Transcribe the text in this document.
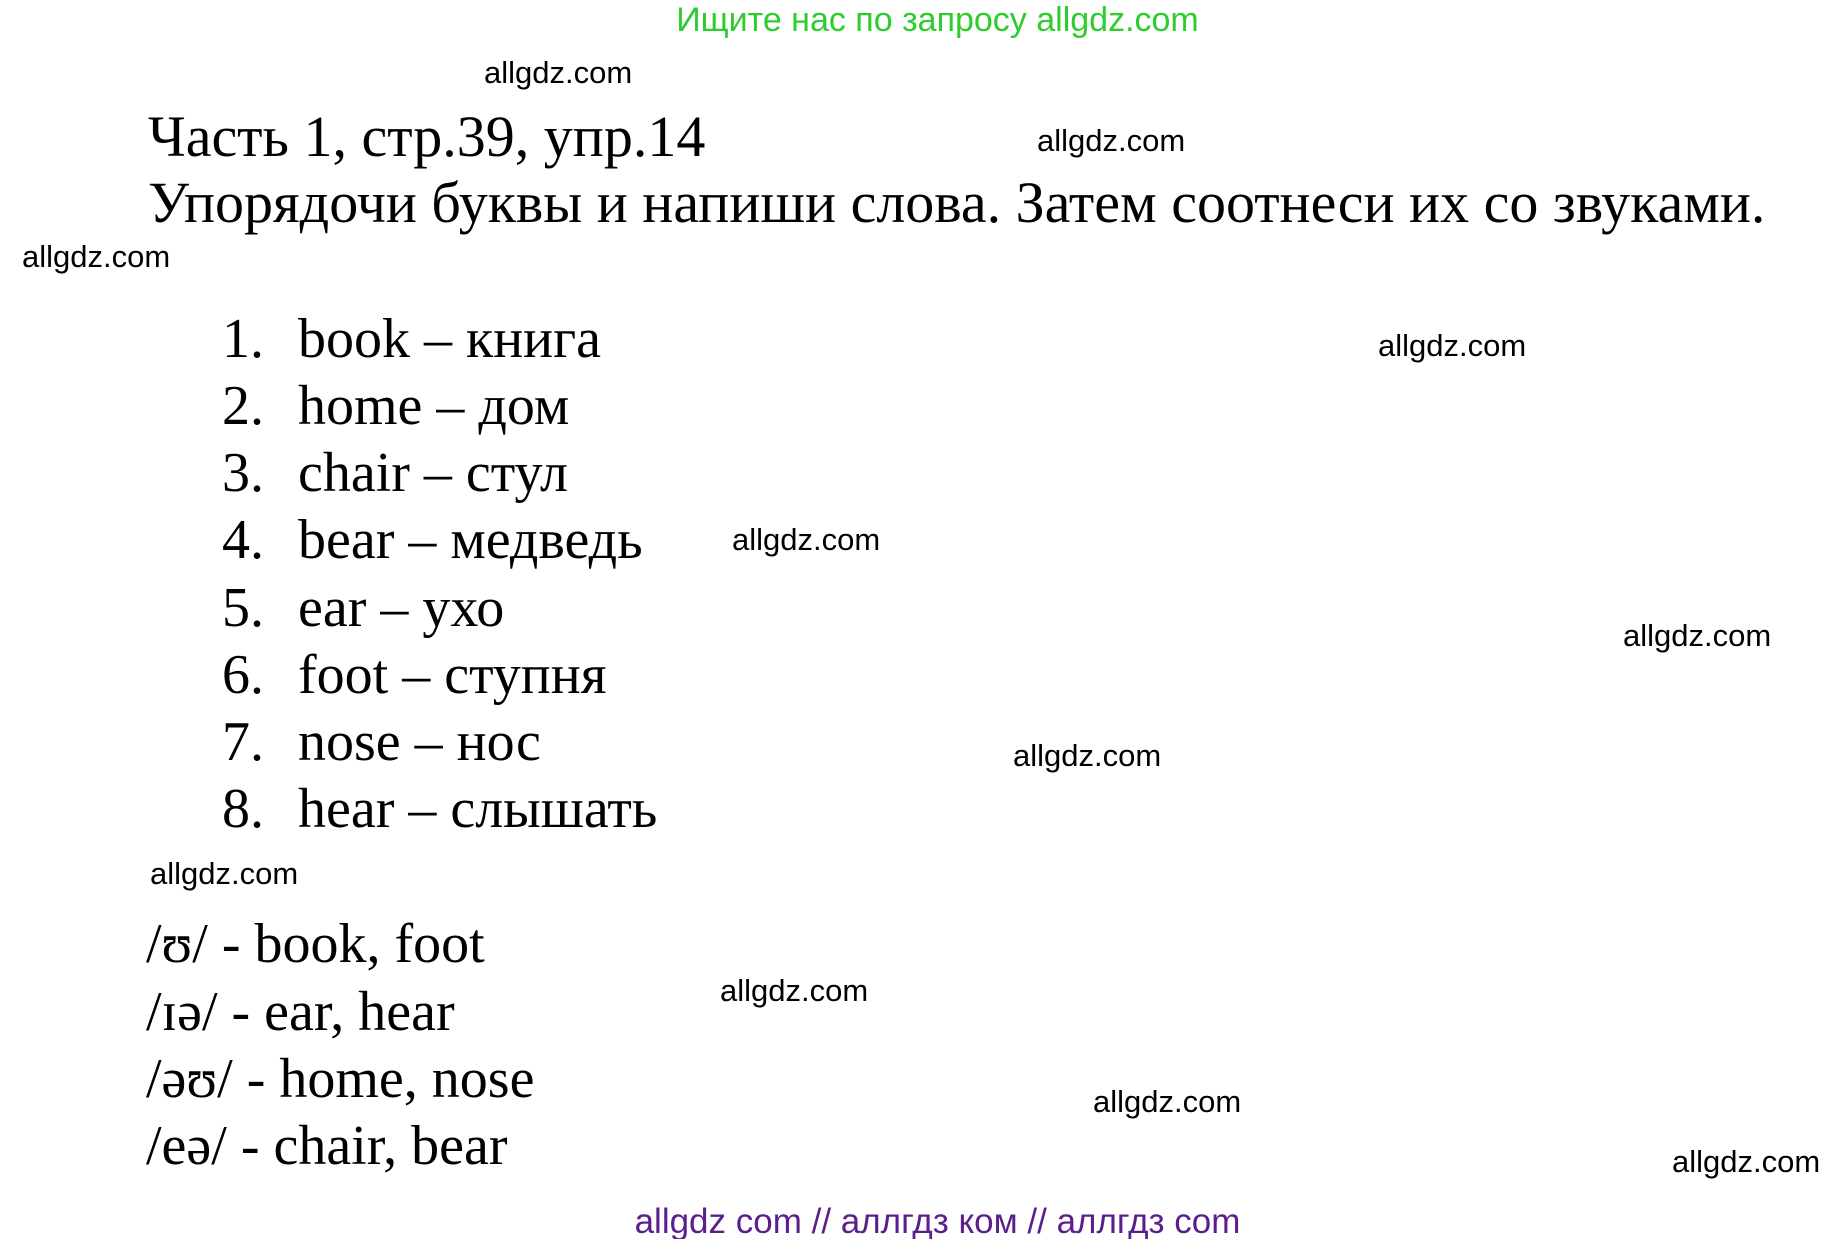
Ищите нас по запросу allgdz.com
allgdz.com
allgdz.com
allgdz.com
allgdz.com
allgdz.com
allgdz.com
allgdz.com
allgdz.com
allgdz.com
allgdz.com
allgdz.com
Часть 1, стр.39, упр.14
Упорядочи буквы и напиши слова. Затем соотнеси их со звуками.
1. book – книга
2. home – дом
3. chair – стул
4. bear – медведь
5. ear – ухо
6. foot – ступня
7. nose – нос
8. hear – слышать
/ʊ/ - book, foot
/ɪə/ - ear, hear
/əʊ/ - home, nose
/eə/ - chair, bear
allgdz com // аллгдз ком // аллгдз com
